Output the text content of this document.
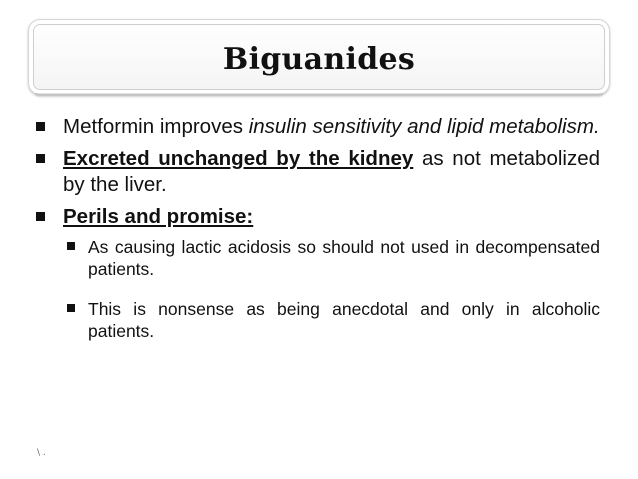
Biguanides

Metformin improves insulin sensitivity and lipid metabolism.

Excreted unchanged by the kidney as not metabolized by the liver.

Perils and promise:

As causing lactic acidosis so should not used in decompensated patients.

This is nonsense as being anecdotal and only in alcoholic patients.

\ .
